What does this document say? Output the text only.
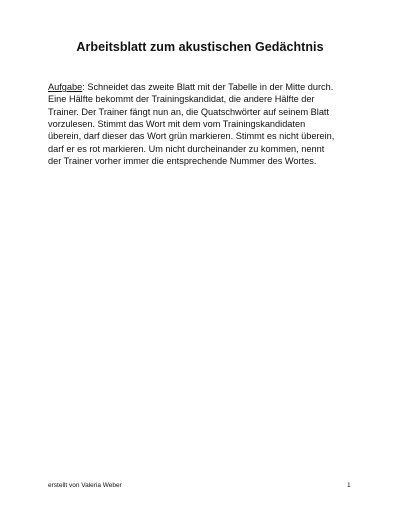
Arbeitsblatt zum akustischen Gedächtnis
Aufgabe: Schneidet das zweite Blatt mit der Tabelle in der Mitte durch.
Eine Hälfte bekommt der Trainingskandidat, die andere Hälfte der
Trainer. Der Trainer fängt nun an, die Quatschwörter auf seinem Blatt
vorzulesen. Stimmt das Wort mit dem vom Trainingskandidaten
überein, darf dieser das Wort grün markieren. Stimmt es nicht überein,
darf er es rot markieren. Um nicht durcheinander zu kommen, nennt
der Trainer vorher immer die entsprechende Nummer des Wortes.
erstellt von Valeria Weber	1
